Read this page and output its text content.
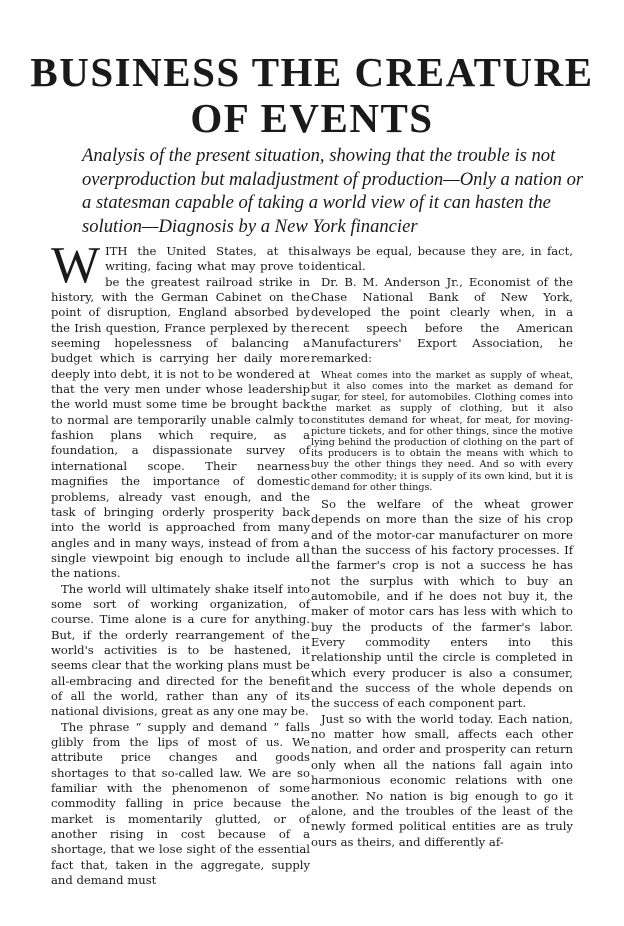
BUSINESS THE CREATURE
OF EVENTS

Analysis of the present situation, showing that the trouble is not overproduction but maladjustment of production—Only a nation or a statesman capable of taking a world view of it can hasten the solution—Diagnosis by a New York financier

WITH the United States, at this writing, facing what may prove to be the greatest railroad strike in history, with the German Cabinet on the point of disruption, England absorbed by the Irish question, France perplexed by the seeming hopelessness of balancing a budget which is carrying her daily more deeply into debt, it is not to be wondered at that the very men under whose leadership the world must some time be brought back to normal are temporarily unable calmly to fashion plans which require, as a foundation, a dispassionate survey of international scope. Their nearness magnifies the importance of domestic problems, already vast enough, and the task of bringing orderly prosperity back into the world is approached from many angles and in many ways, instead of from a single viewpoint big enough to include all the nations.

The world will ultimately shake itself into some sort of working organization, of course. Time alone is a cure for anything. But, if the orderly rearrangement of the world's activities is to be hastened, it seems clear that the working plans must be all-embracing and directed for the benefit of all the world, rather than any of its national divisions, great as any one may be.

The phrase “ supply and demand ” falls glibly from the lips of most of us. We attribute price changes and goods shortages to that so-called law. We are so familiar with the phenomenon of some commodity falling in price because the market is momentarily glutted, or of another rising in cost because of a shortage, that we lose sight of the essential fact that, taken in the aggregate, supply and demand must

always be equal, because they are, in fact, identical.

Dr. B. M. Anderson Jr., Economist of the Chase National Bank of New York, developed the point clearly when, in a recent speech before the American Manufacturers' Export Association, he remarked:

Wheat comes into the market as supply of wheat, but it also comes into the market as demand for sugar, for steel, for automobiles. Clothing comes into the market as supply of clothing, but it also constitutes demand for wheat, for meat, for moving-picture tickets, and for other things, since the motive lying behind the production of clothing on the part of its producers is to obtain the means with which to buy the other things they need. And so with every other commodity; it is supply of its own kind, but it is demand for other things.

So the welfare of the wheat grower depends on more than the size of his crop and of the motor-car manufacturer on more than the success of his factory processes. If the farmer's crop is not a success he has not the surplus with which to buy an automobile, and if he does not buy it, the maker of motor cars has less with which to buy the products of the farmer's labor. Every commodity enters into this relationship until the circle is completed in which every producer is also a consumer, and the success of the whole depends on the success of each component part.

Just so with the world today. Each nation, no matter how small, affects each other nation, and order and prosperity can return only when all the nations fall again into harmonious economic relations with one another. No nation is big enough to go it alone, and the troubles of the least of the newly formed political entities are as truly ours as theirs, and differently af-
